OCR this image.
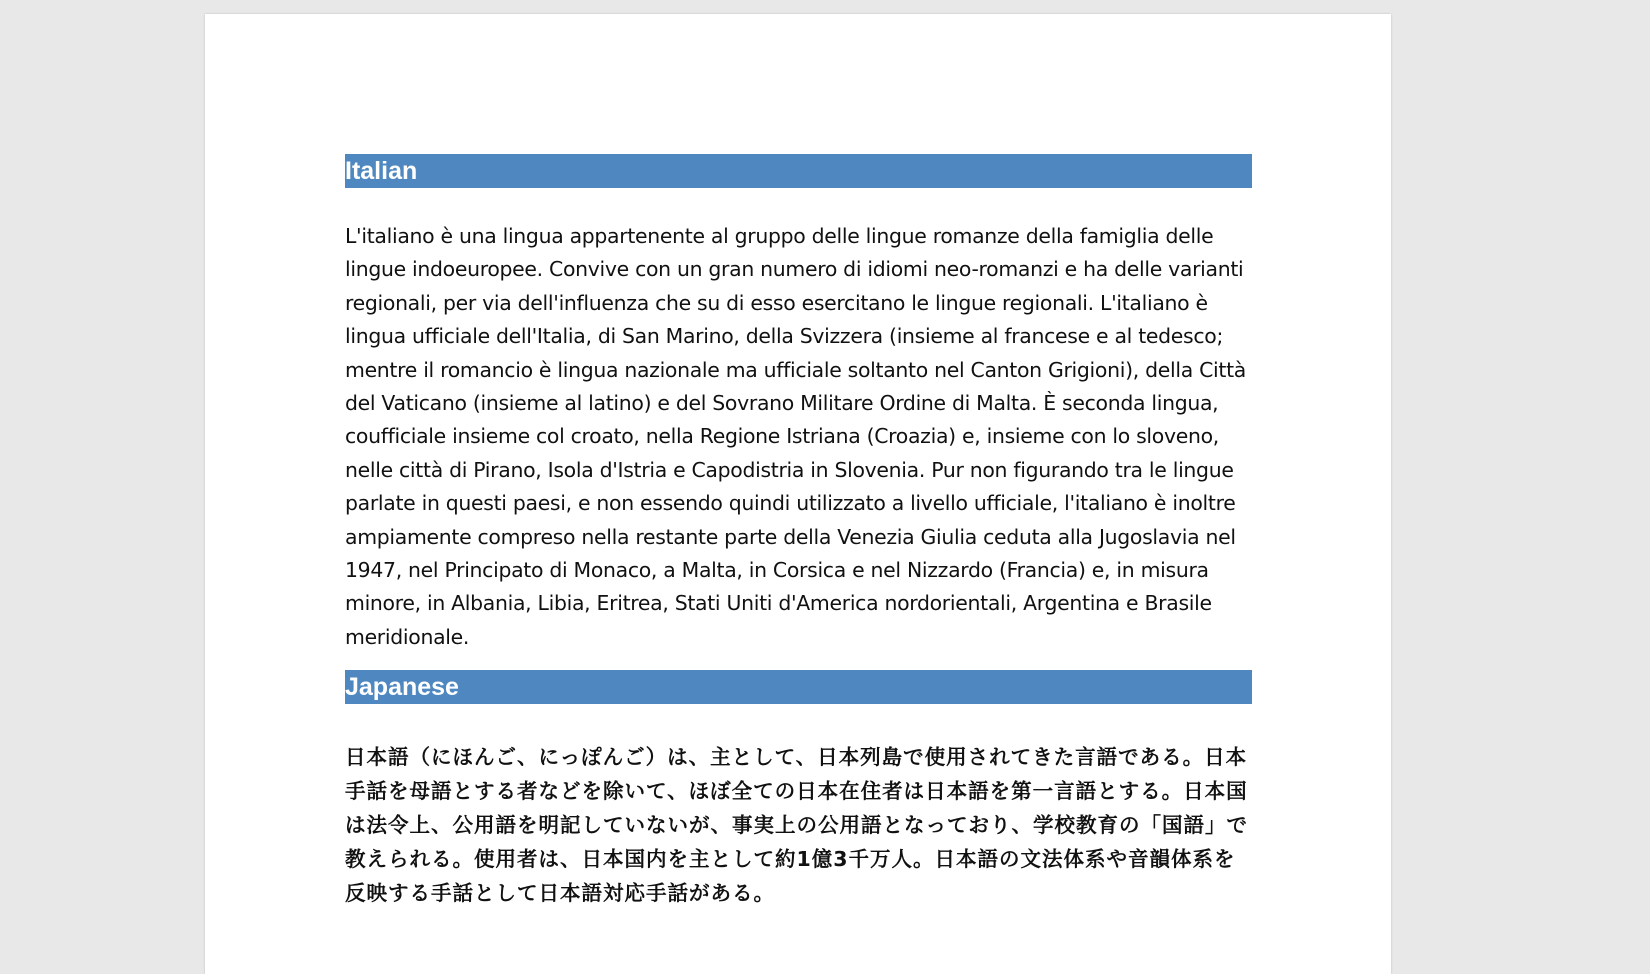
Italian

L'italiano è una lingua appartenente al gruppo delle lingue romanze della famiglia delle lingue indoeuropee. Convive con un gran numero di idiomi neo-romanzi e ha delle varianti regionali, per via dell'influenza che su di esso esercitano le lingue regionali. L'italiano è lingua ufficiale dell'Italia, di San Marino, della Svizzera (insieme al francese e al tedesco; mentre il romancio è lingua nazionale ma ufficiale soltanto nel Canton Grigioni), della Città del Vaticano (insieme al latino) e del Sovrano Militare Ordine di Malta. È seconda lingua, coufficiale insieme col croato, nella Regione Istriana (Croazia) e, insieme con lo sloveno, nelle città di Pirano, Isola d'Istria e Capodistria in Slovenia. Pur non figurando tra le lingue parlate in questi paesi, e non essendo quindi utilizzato a livello ufficiale, l'italiano è inoltre ampiamente compreso nella restante parte della Venezia Giulia ceduta alla Jugoslavia nel 1947, nel Principato di Monaco, a Malta, in Corsica e nel Nizzardo (Francia) e, in misura minore, in Albania, Libia, Eritrea, Stati Uniti d'America nordorientali, Argentina e Brasile meridionale.

Japanese

日本語（にほんご、にっぽんご）は、主として、日本列島で使用されてきた言語である。日本手話を母語とする者などを除いて、ほぼ全ての日本在住者は日本語を第一言語とする。日本国は法令上、公用語を明記していないが、事実上の公用語となっており、学校教育の「国語」で教えられる。使用者は、日本国内を主として約1億3千万人。日本語の文法体系や音韻体系を反映する手話として日本語対応手話がある。
